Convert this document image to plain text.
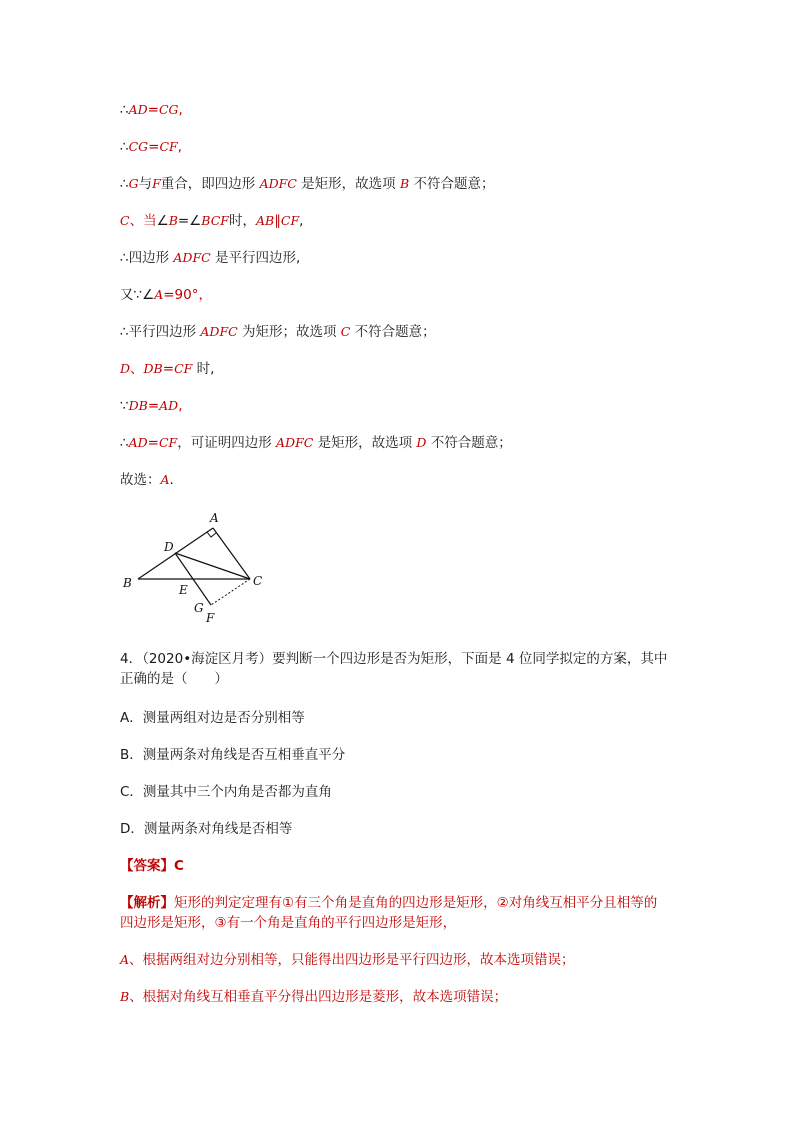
∴AD=CG,
∴CG=CF,
∴G与F重合，即四边形 ADFC 是矩形，故选项 B 不符合题意；
C、当∠B=∠BCF时，AB∥CF,
∴四边形 ADFC 是平行四边形,
又∵∠A=90°，
∴平行四边形 ADFC 为矩形；故选项 C 不符合题意；
D、DB=CF 时,
∵DB=AD,
∴AD=CF，可证明四边形 ADFC 是矩形，故选项 D 不符合题意；
故选：A.
4．（2020•海淀区月考）要判断一个四边形是否为矩形，下面是 4 位同学拟定的方案，其中
正确的是（　　）
A．测量两组对边是否分别相等
B．测量两条对角线是否互相垂直平分
C．测量其中三个内角是否都为直角
D．测量两条对角线是否相等
【答案】C
【解析】矩形的判定定理有①有三个角是直角的四边形是矩形，②对角线互相平分且相等的
四边形是矩形，③有一个角是直角的平行四边形是矩形，
A、根据两组对边分别相等，只能得出四边形是平行四边形，故本选项错误；
B、根据对角线互相垂直平分得出四边形是菱形，故本选项错误；
A
D
B	E
C
G
F
